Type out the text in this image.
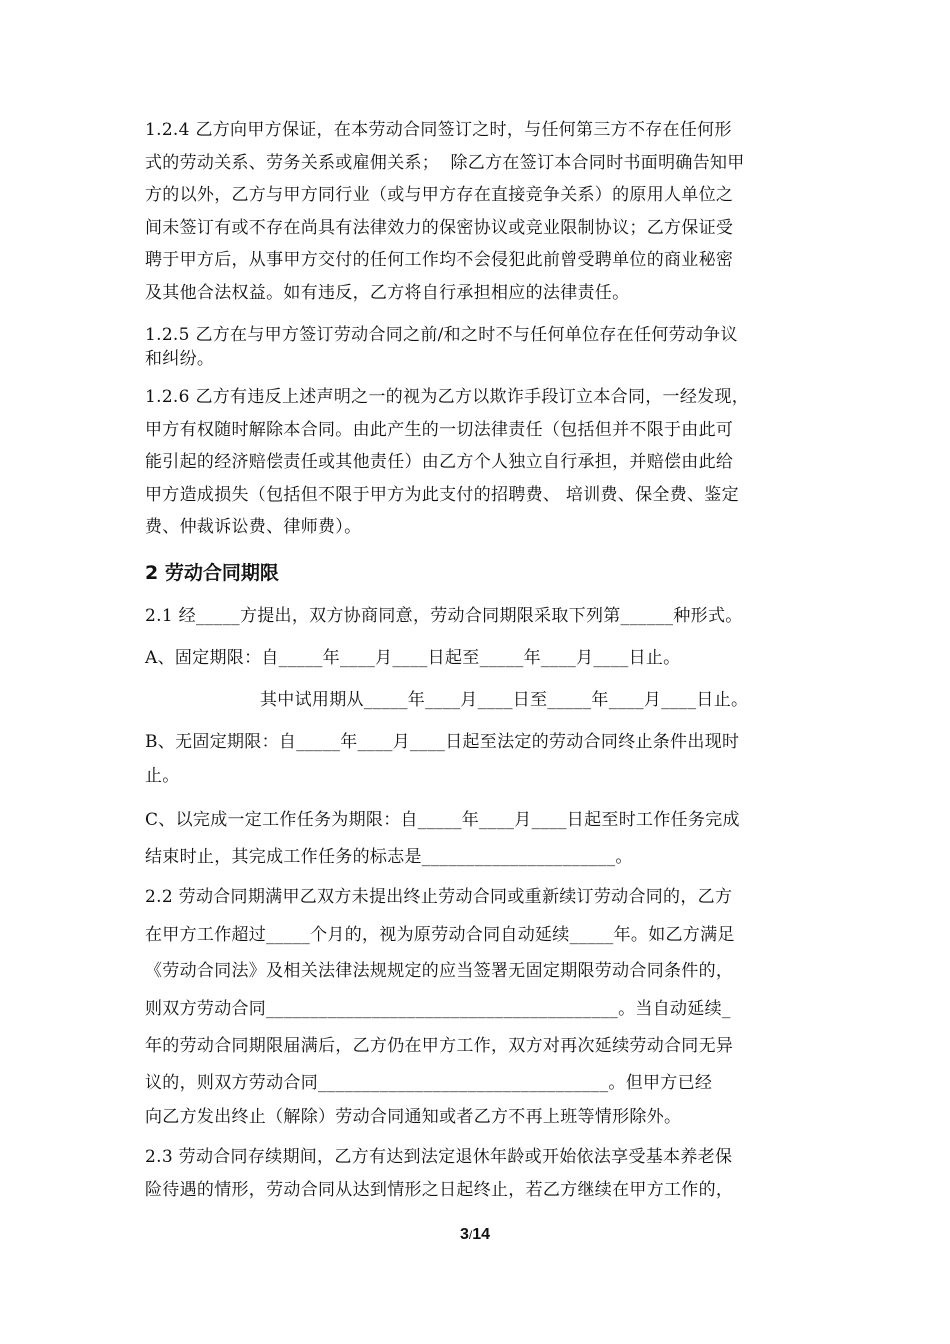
1.2.4 乙方向甲方保证，在本劳动合同签订之时，与任何第三方不存在任何形
式的劳动关系、劳务关系或雇佣关系；  除乙方在签订本合同时书面明确告知甲
方的以外，乙方与甲方同行业（或与甲方存在直接竞争关系）的原用人单位之
间未签订有或不存在尚具有法律效力的保密协议或竞业限制协议；乙方保证受
聘于甲方后，从事甲方交付的任何工作均不会侵犯此前曾受聘单位的商业秘密
及其他合法权益。如有违反，乙方将自行承担相应的法律责任。
1.2.5 乙方在与甲方签订劳动合同之前/和之时不与任何单位存在任何劳动争议
和纠纷。
1.2.6 乙方有违反上述声明之一的视为乙方以欺诈手段订立本合同，一经发现，
甲方有权随时解除本合同。由此产生的一切法律责任（包括但并不限于由此可
能引起的经济赔偿责任或其他责任）由乙方个人独立自行承担，并赔偿由此给
甲方造成损失（包括但不限于甲方为此支付的招聘费、 培训费、保全费、鉴定
费、仲裁诉讼费、律师费）。
2 劳动合同期限
2.1 经_____方提出，双方协商同意，劳动合同期限采取下列第______种形式。
A、固定期限：自_____年____月____日起至_____年____月____日止。
其中试用期从_____年____月____日至_____年____月____日止。
B、无固定期限：自_____年____月____日起至法定的劳动合同终止条件出现时
止。
C、以完成一定工作任务为期限：自_____年____月____日起至时工作任务完成
结束时止，其完成工作任务的标志是______________________。
2.2 劳动合同期满甲乙双方未提出终止劳动合同或重新续订劳动合同的，乙方
在甲方工作超过_____个月的，视为原劳动合同自动延续_____年。如乙方满足
《劳动合同法》及相关法律法规规定的应当签署无固定期限劳动合同条件的，
则双方劳动合同________________________________________。当自动延续_
年的劳动合同期限届满后，乙方仍在甲方工作，双方对再次延续劳动合同无异
议的，则双方劳动合同_________________________________。但甲方已经
向乙方发出终止（解除）劳动合同通知或者乙方不再上班等情形除外。
2.3 劳动合同存续期间，乙方有达到法定退休年龄或开始依法享受基本养老保
险待遇的情形，劳动合同从达到情形之日起终止，若乙方继续在甲方工作的，
3/14
